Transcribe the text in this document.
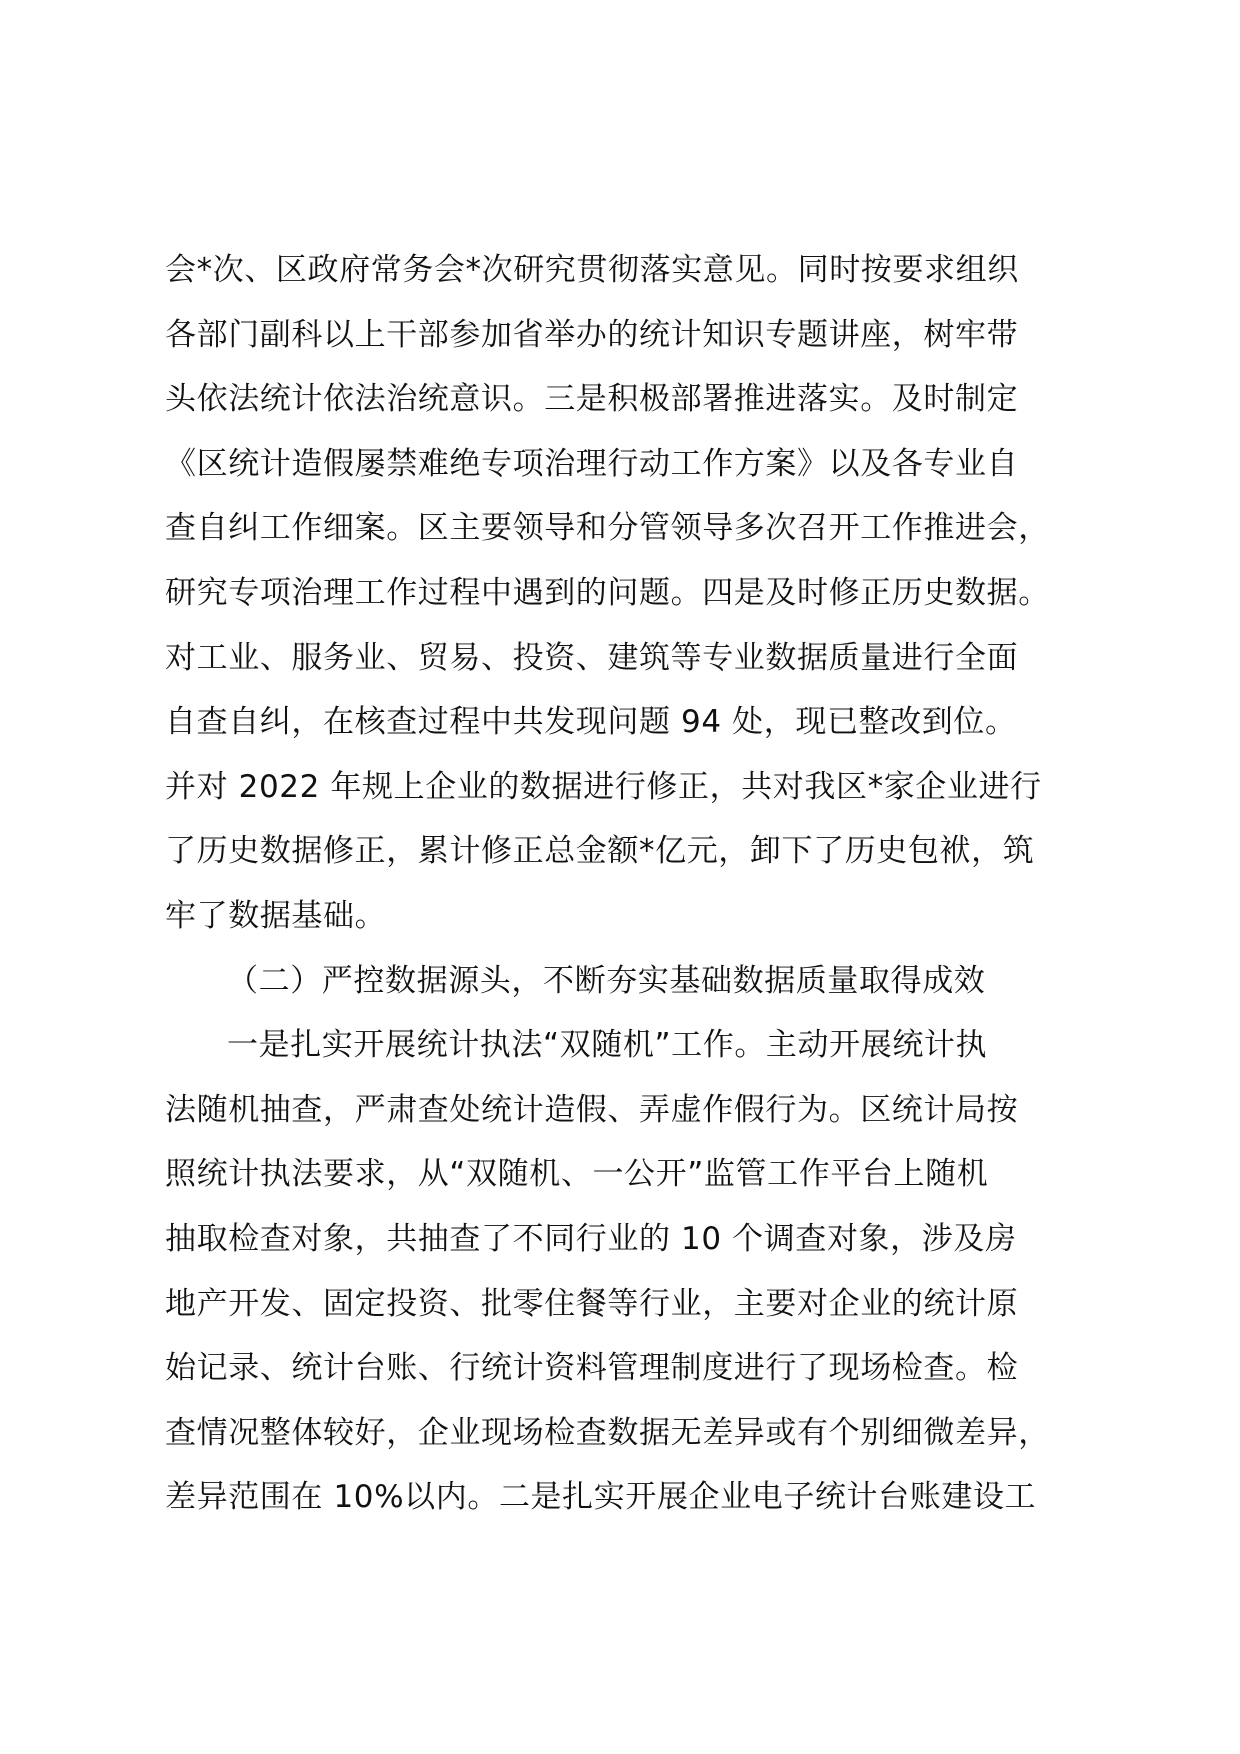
会*次、区政府常务会*次研究贯彻落实意见。同时按要求组织
各部门副科以上干部参加省举办的统计知识专题讲座，树牢带
头依法统计依法治统意识。三是积极部署推进落实。及时制定
《区统计造假屡禁难绝专项治理行动工作方案》以及各专业自
查自纠工作细案。区主要领导和分管领导多次召开工作推进会，
研究专项治理工作过程中遇到的问题。四是及时修正历史数据。
对工业、服务业、贸易、投资、建筑等专业数据质量进行全面
自查自纠，在核查过程中共发现问题 94 处，现已整改到位。
并对 2022 年规上企业的数据进行修正，共对我区*家企业进行
了历史数据修正，累计修正总金额*亿元，卸下了历史包袱，筑
牢了数据基础。
（二）严控数据源头，不断夯实基础数据质量取得成效
一是扎实开展统计执法“双随机”工作。主动开展统计执
法随机抽查，严肃查处统计造假、弄虚作假行为。区统计局按
照统计执法要求，从“双随机、一公开”监管工作平台上随机
抽取检查对象，共抽查了不同行业的 10 个调查对象，涉及房
地产开发、固定投资、批零住餐等行业，主要对企业的统计原
始记录、统计台账、行统计资料管理制度进行了现场检查。检
查情况整体较好，企业现场检查数据无差异或有个别细微差异，
差异范围在 10%以内。二是扎实开展企业电子统计台账建设工
